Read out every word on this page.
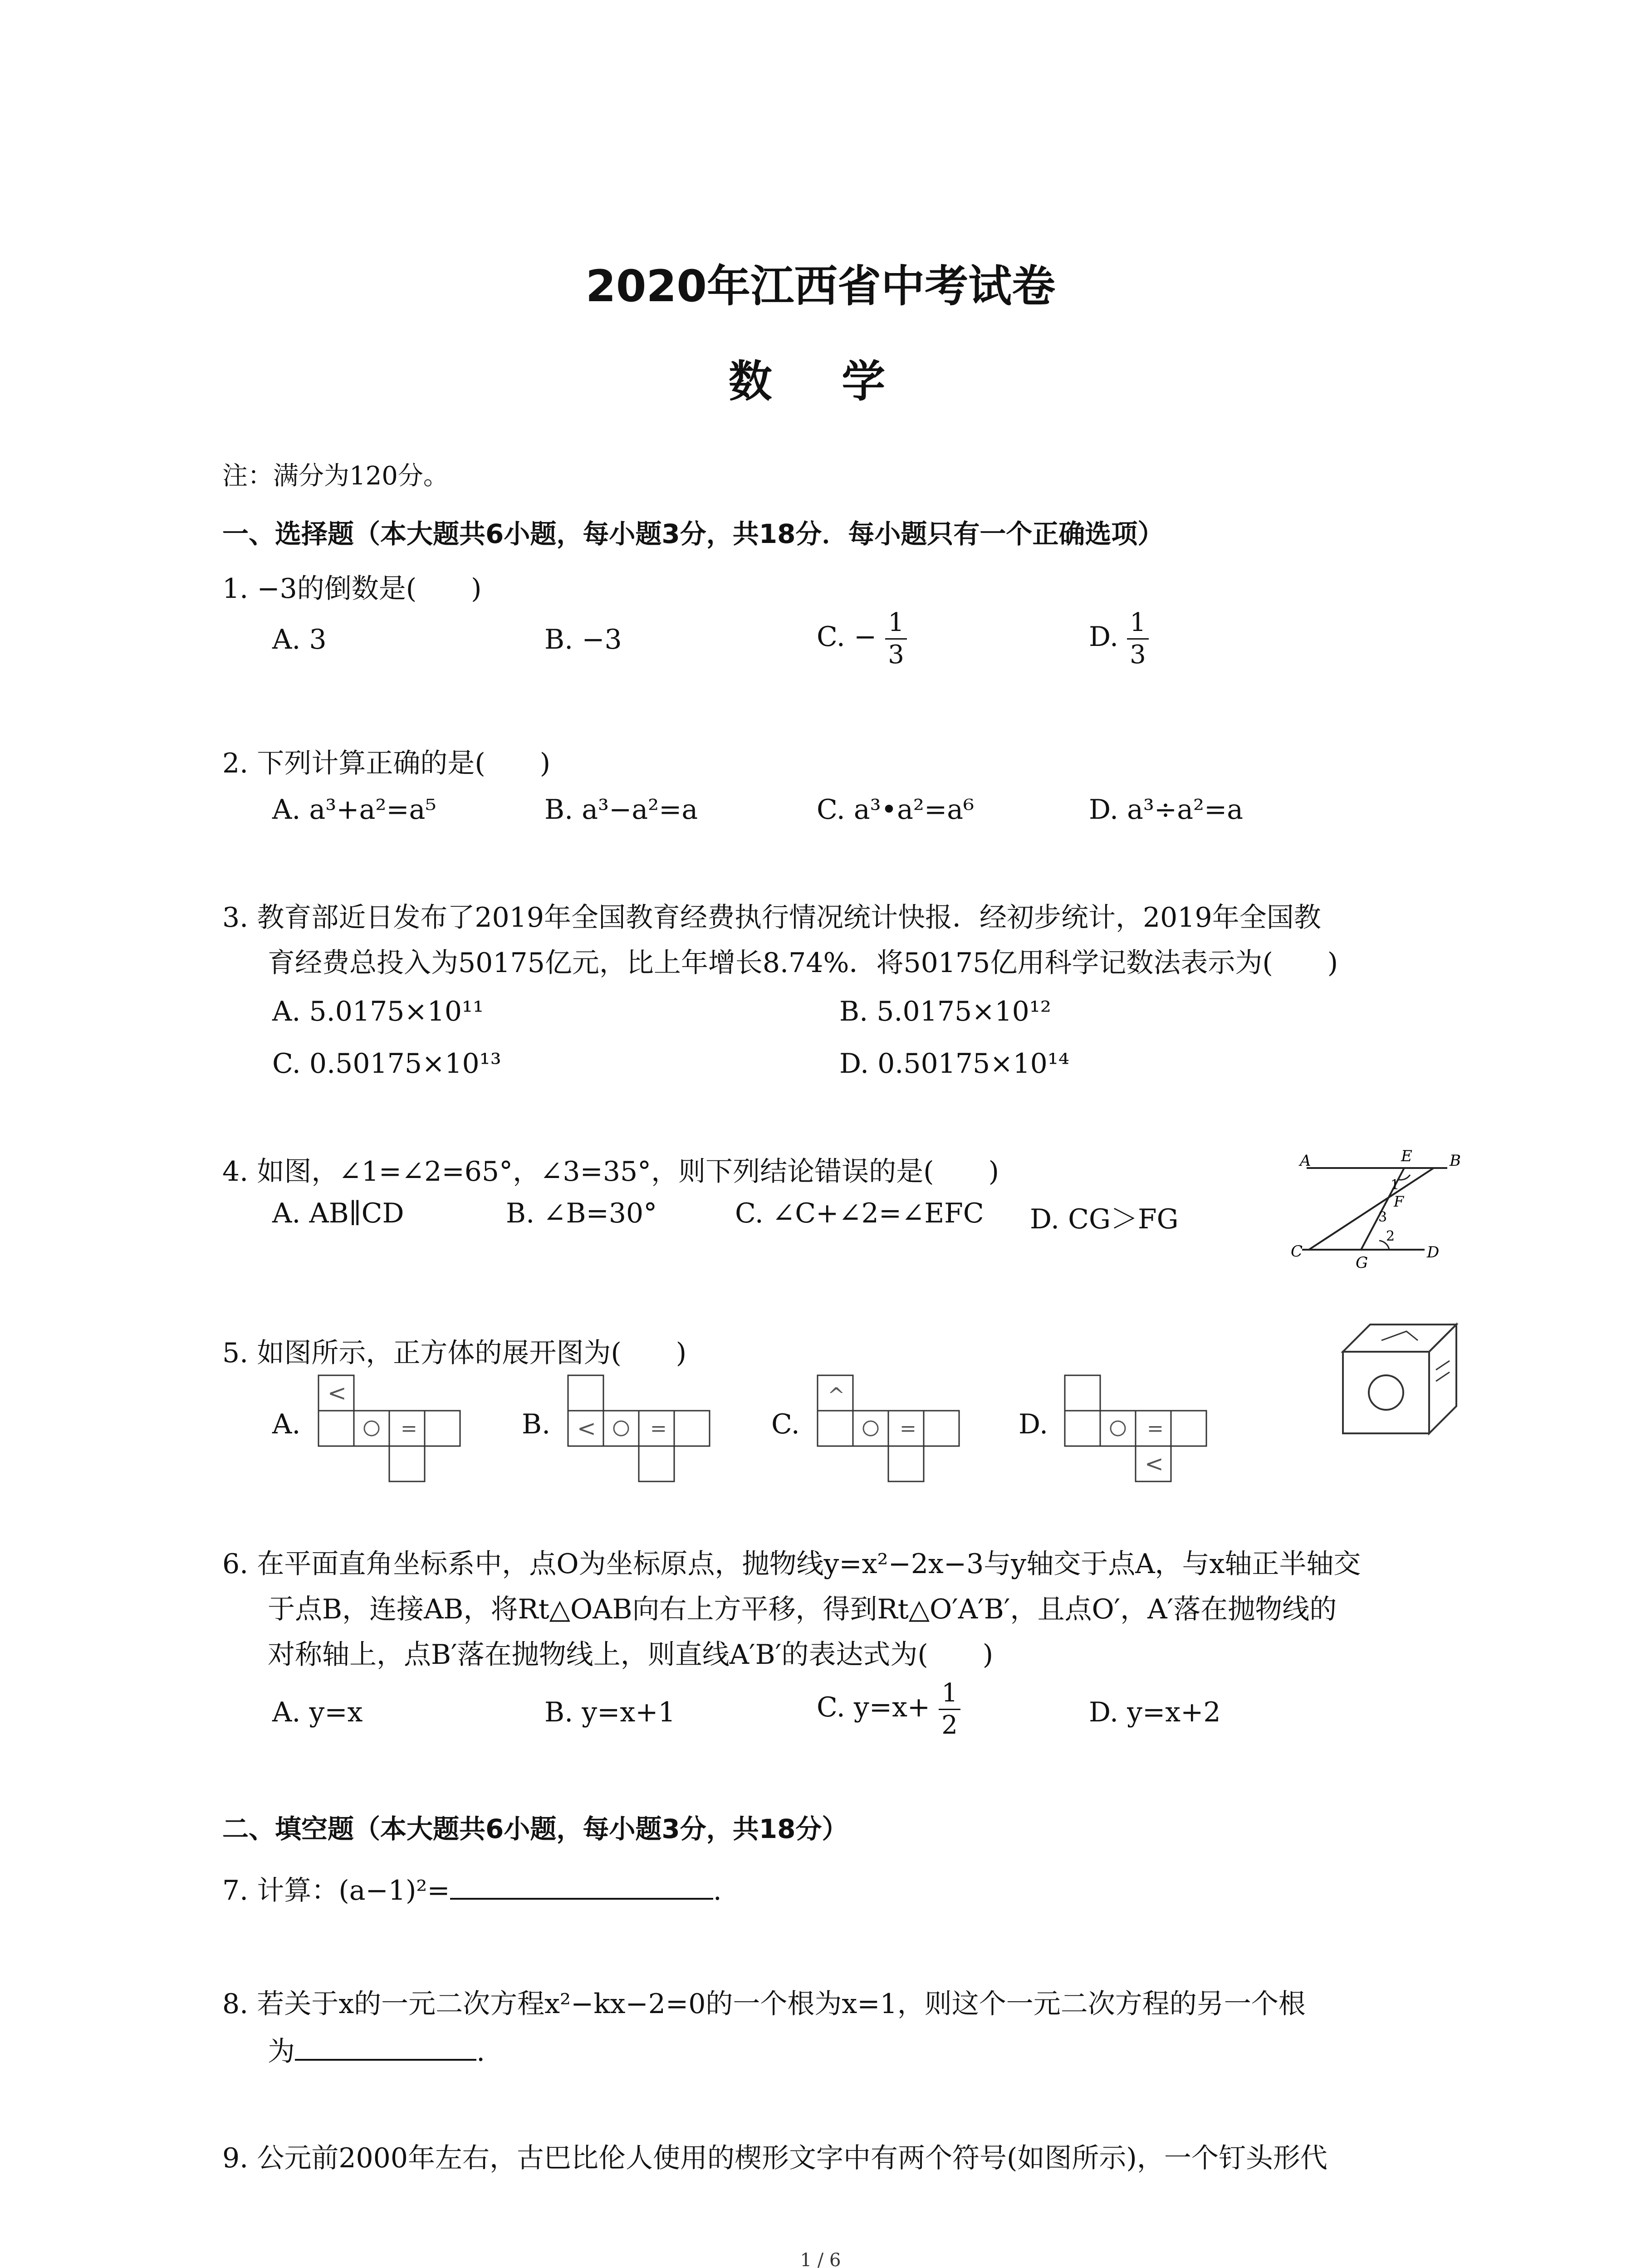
2020年江西省中考试卷
数 学
注：满分为120分。
一、选择题（本大题共6小题，每小题3分，共18分．每小题只有一个正确选项）
1. −3的倒数是(　　)
A. 3	B. −3	C. − $\frac{1}{3}$	D. $\frac{1}{3}$
2. 下列计算正确的是(　　)
A. a³+a²=a⁵	B. a³−a²=a	C. a³•a²=a⁶	D. a³÷a²=a
3. 教育部近日发布了2019年全国教育经费执行情况统计快报．经初步统计，2019年全国教
育经费总投入为50175亿元，比上年增长8.74%．将50175亿用科学记数法表示为(　　)
A. 5.0175×10¹¹	B. 5.0175×10¹²
C. 0.50175×10¹³	D. 0.50175×10¹⁴
4. 如图，∠1=∠2=65°，∠3=35°，则下列结论错误的是(　　)
A. AB∥CD	B. ∠B=30°	C. ∠C+∠2=∠EFC D. CG＞FG
A	E B
1
F
3
2
C
G
D
5. 如图所示，正方体的展开图为(　　)
A.
<
=	B. <	=	C.
^
=	D.	=
<
6. 在平面直角坐标系中，点O为坐标原点，抛物线y=x²−2x−3与y轴交于点A，与x轴正半轴交
于点B，连接AB，将Rt△OAB向右上方平移，得到Rt△O′A′B′，且点O′，A′落在抛物线的
对称轴上，点B′落在抛物线上，则直线A′B′的表达式为(　　)
A. y=x	B. y=x+1	C. $y=x+ \frac{1}{2}$	D. y=x+2
二、填空题（本大题共6小题，每小题3分，共18分）
7. 计算：(a−1)²=	.
8. 若关于x的一元二次方程x²−kx−2=0的一个根为x=1，则这个一元二次方程的另一个根
为	.
9. 公元前2000年左右，古巴比伦人使用的楔形文字中有两个符号(如图所示)，一个钉头形代
1 / 6
